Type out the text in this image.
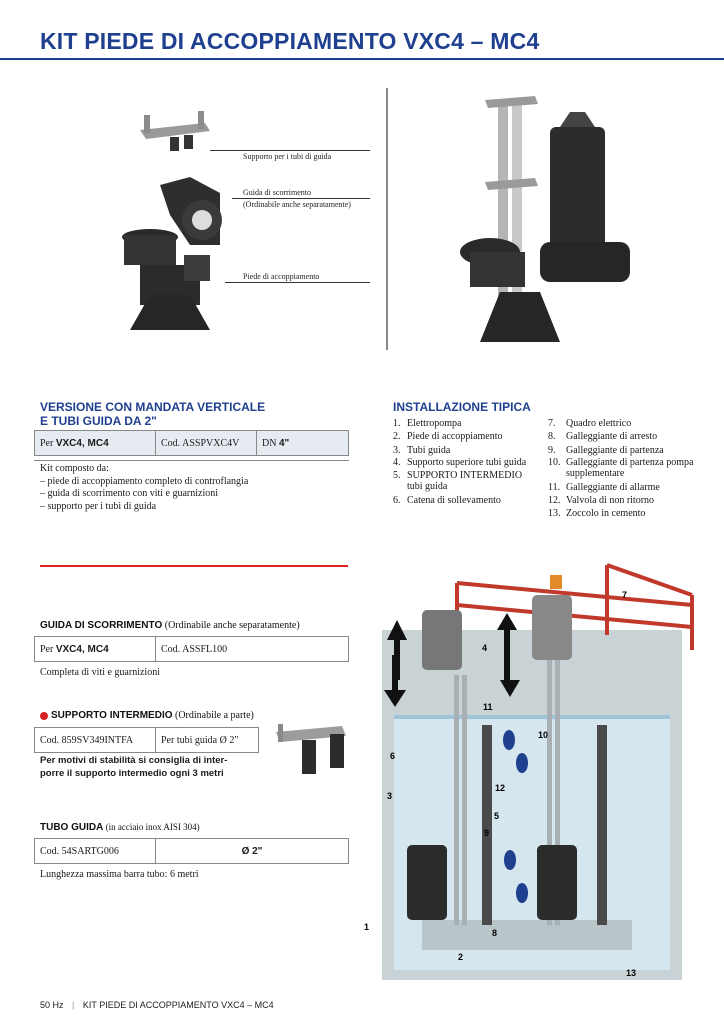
KIT PIEDE DI ACCOPPIAMENTO VXC4 – MC4
Supporto per i tubi di guida
Guida di scorrimento
(Ordinabile anche separatamente)
Piede di accoppiamento
VERSIONE CON MANDATA VERTICALE
E TUBI GUIDA DA 2"
Per VXC4, MC4	Cod. ASSPVXC4V	DN 4"
Kit composto da:
– piede di accoppiamento completo di controflangia
– guida di scorrimento con viti e guarnizioni
– supporto per i tubi di guida
INSTALLAZIONE TIPICA
1. Elettropompa
2. Piede di accoppiamento
3. Tubi guida
4. Supporto superiore tubi guida
5. SUPPORTO INTERMEDIO tubi guida
6. Catena di sollevamento
7.	Quadro elettrico
8.	Galleggiante di arresto
9.	Galleggiante di partenza
10. Galleggiante di partenza pompa supplementare
11. Galleggiante di allarme
12. Valvola di non ritorno
13. Zoccolo in cemento
GUIDA DI SCORRIMENTO (Ordinabile anche separatamente)
Per VXC4, MC4	Cod. ASSFL100
Completa di viti e guarnizioni
SUPPORTO INTERMEDIO (Ordinabile a parte)
Cod. 859SV349INTFA	Per tubi guida Ø 2"
Per motivi di stabilità si consiglia di inter-
porre il supporto intermedio ogni 3 metri
TUBO GUIDA (in acciaio inox AISI 304)
Cod. 54SARTG006	Ø 2"
Lunghezza massima barra tubo: 6 metri
1
2
3
4
5
6
7
8
9
10
11
12
13
50 Hz | KIT PIEDE DI ACCOPPIAMENTO VXC4 – MC4
